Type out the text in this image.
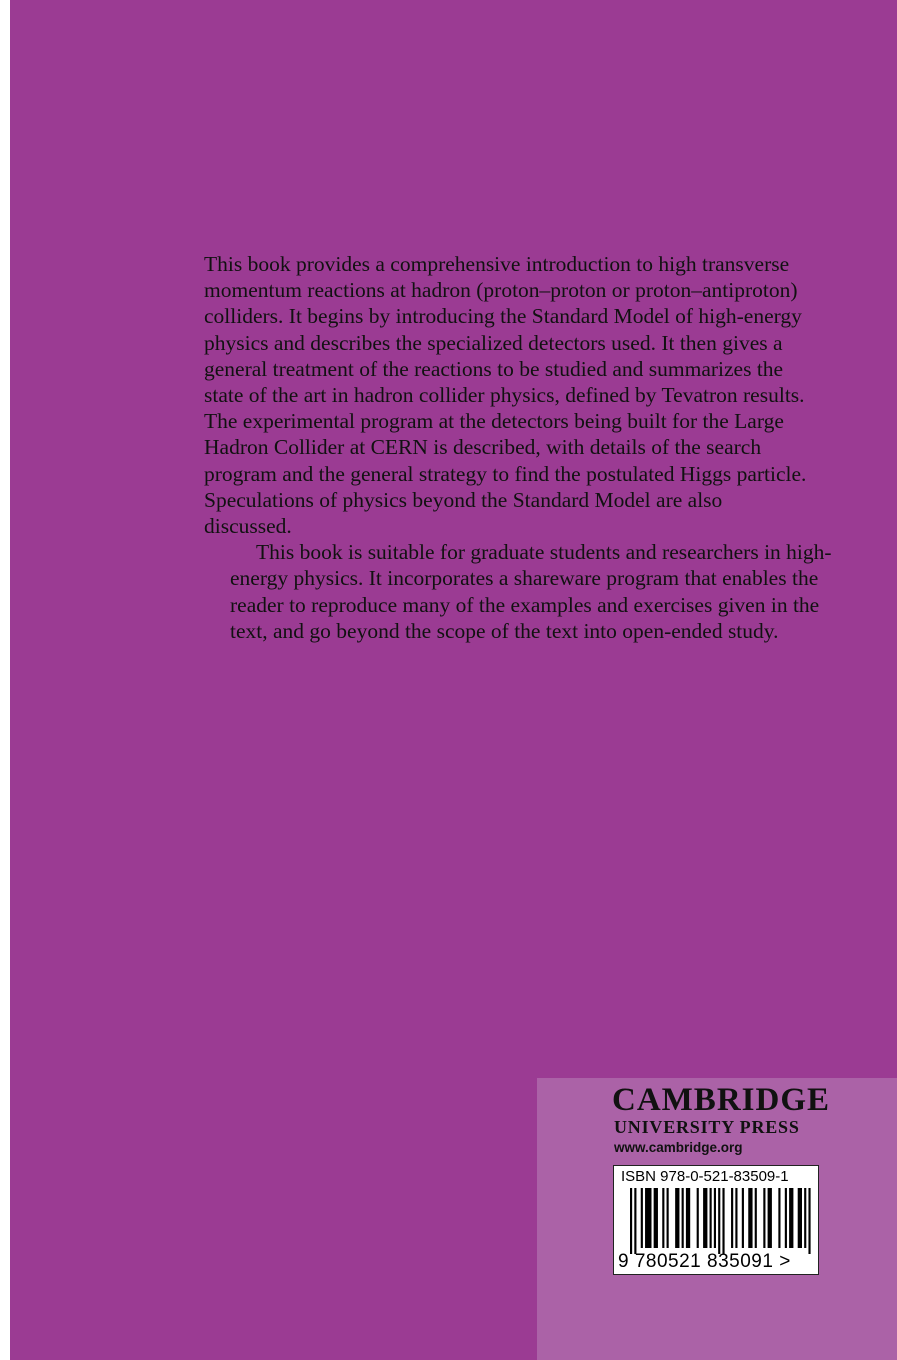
This book provides a comprehensive introduction to high transverse
momentum reactions at hadron (proton–proton or proton–antiproton)
colliders. It begins by introducing the Standard Model of high-energy
physics and describes the specialized detectors used. It then gives a
general treatment of the reactions to be studied and summarizes the
state of the art in hadron collider physics, defined by Tevatron results.
The experimental program at the detectors being built for the Large
Hadron Collider at CERN is described, with details of the search
program and the general strategy to find the postulated Higgs particle.
Speculations of physics beyond the Standard Model are also
discussed.

This book is suitable for graduate students and researchers in high-
energy physics. It incorporates a shareware program that enables the
reader to reproduce many of the examples and exercises given in the
text, and go beyond the scope of the text into open-ended study.

CAMBRIDGE
UNIVERSITY PRESS
www.cambridge.org
ISBN 978-0-521-83509-1
9 780521 835091 >
